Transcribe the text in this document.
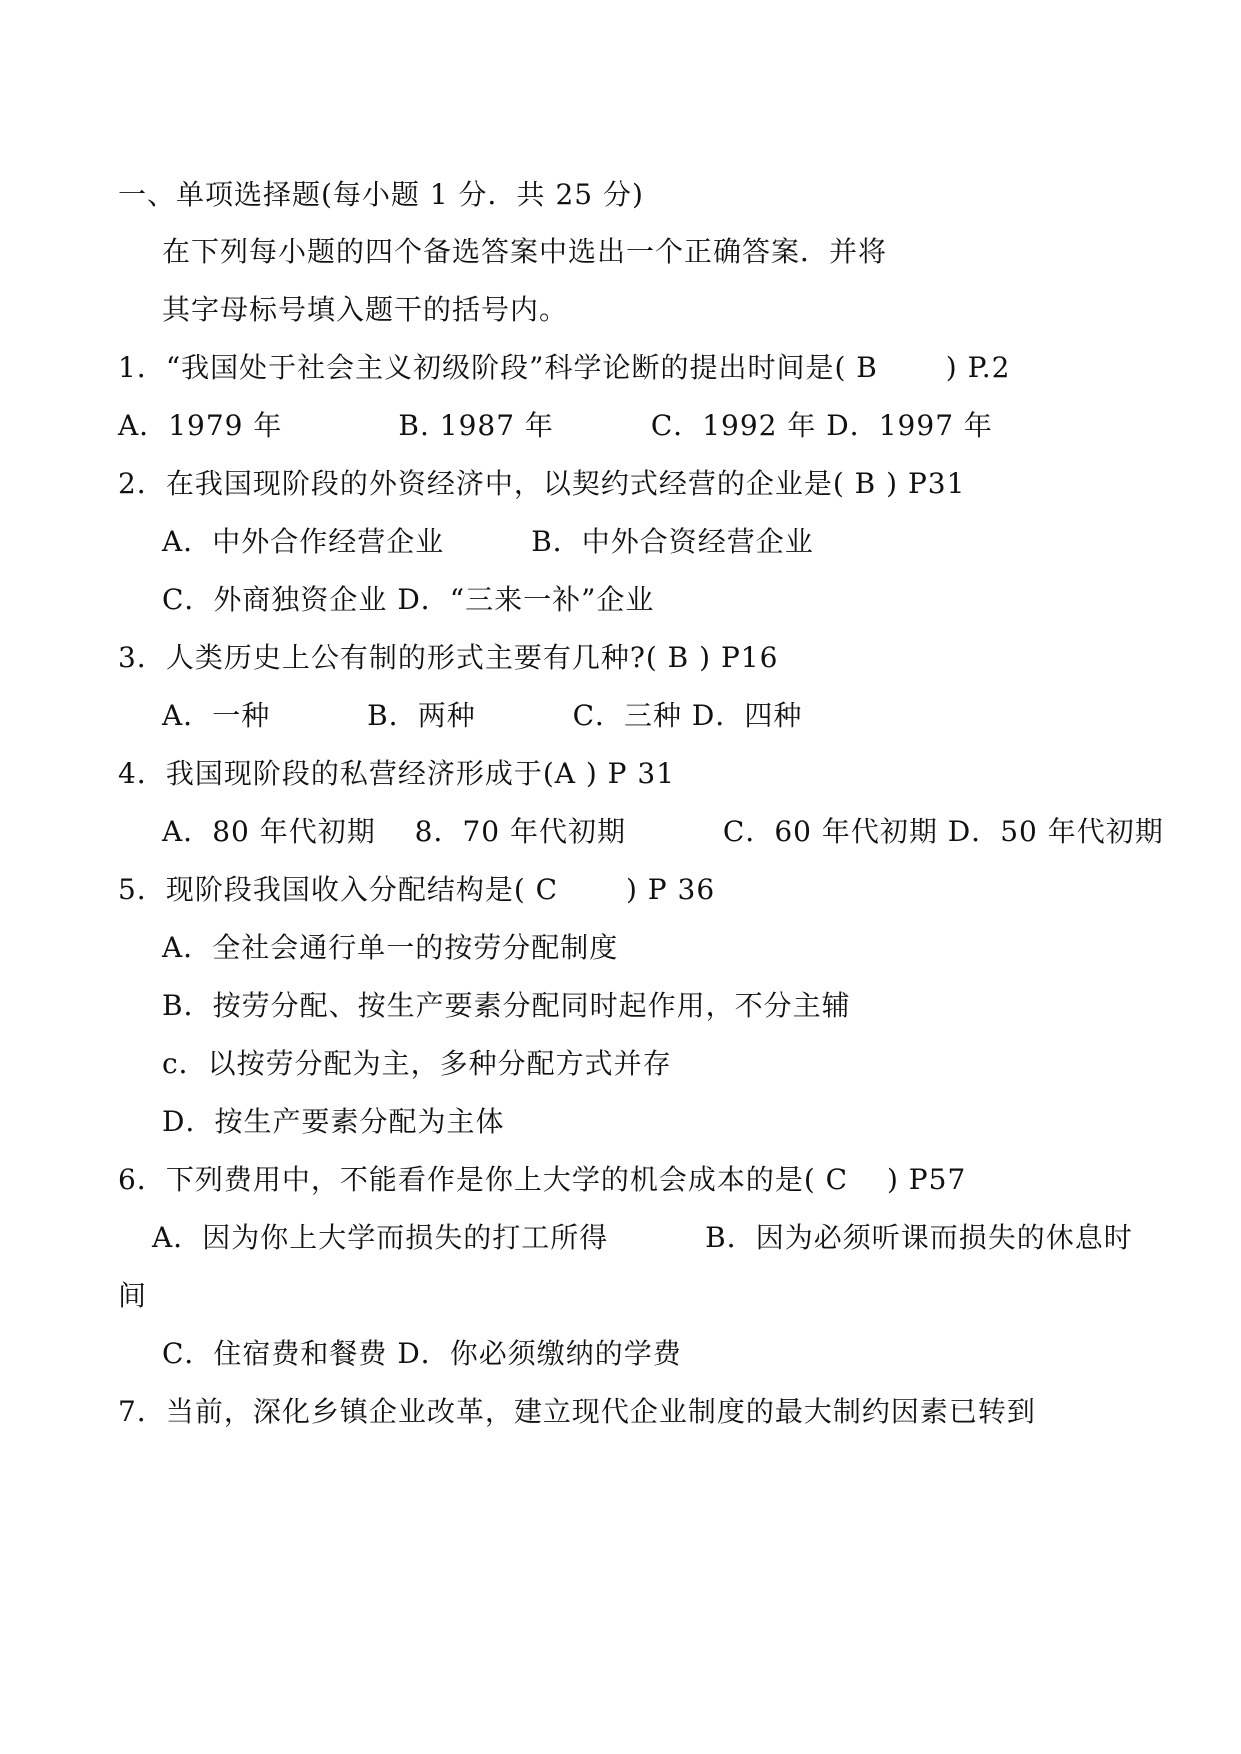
一、单项选择题(每小题 1 分．共 25 分)
在下列每小题的四个备选答案中选出一个正确答案．并将
其字母标号填入题干的括号内。
1．“我国处于社会主义初级阶段”科学论断的提出时间是( B　　 ) P.2
A．1979 年　　　　B. 1987 年　　　 C．1992 年 D．1997 年
2．在我国现阶段的外资经济中，以契约式经营的企业是( B ) P31
A．中外合作经营企业　　　B．中外合资经营企业
C．外商独资企业 D．“三来一补”企业
3．人类历史上公有制的形式主要有几种?( B ) P16
A．一种　　　 B．两种　　　 C．三种 D．四种
4．我国现阶段的私营经济形成于(A ) P 31
A．80 年代初期　 8．70 年代初期　　　 C．60 年代初期 D．50 年代初期
5．现阶段我国收入分配结构是( C　　 ) P 36
A．全社会通行单一的按劳分配制度
B．按劳分配、按生产要素分配同时起作用，不分主辅
c．以按劳分配为主，多种分配方式并存
D．按生产要素分配为主体
6．下列费用中，不能看作是你上大学的机会成本的是( C　 ) P57
A．因为你上大学而损失的打工所得　　　 B．因为必须听课而损失的休息时
间
C．住宿费和餐费 D．你必须缴纳的学费
7．当前，深化乡镇企业改革，建立现代企业制度的最大制约因素已转到
